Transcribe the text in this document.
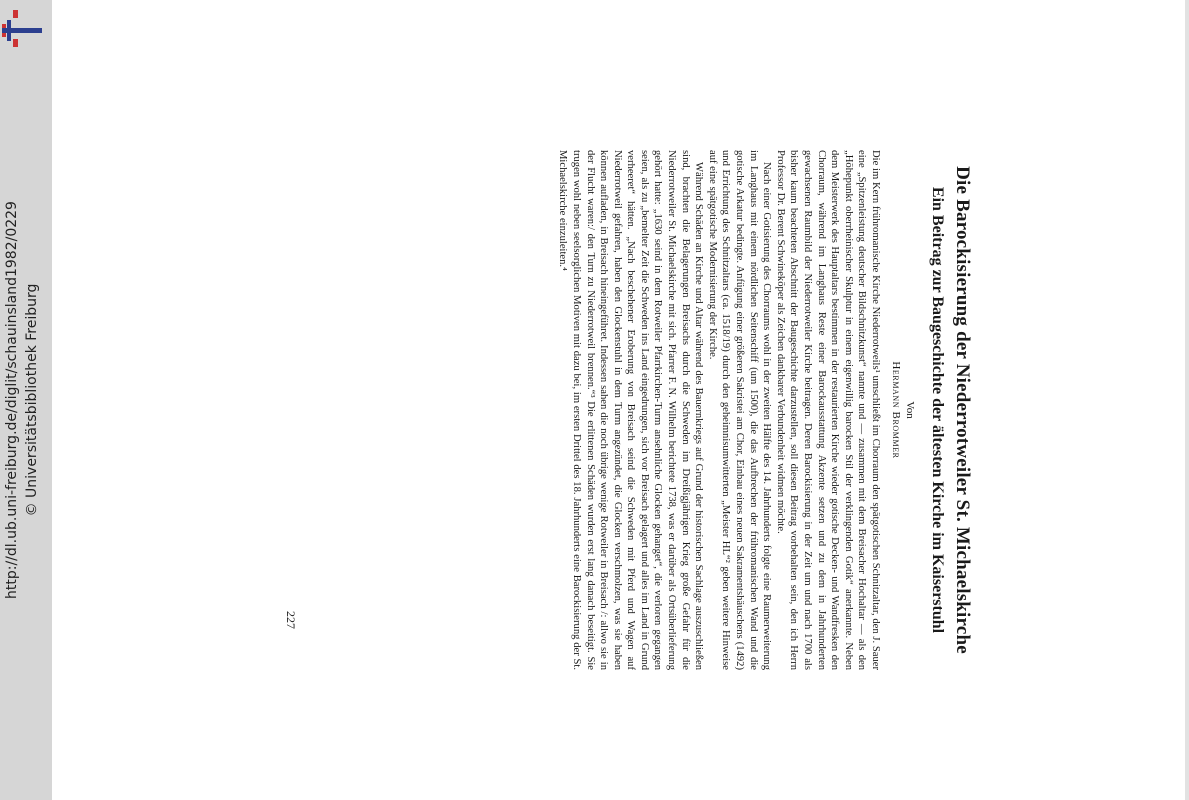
http://dl.ub.uni-freiburg.de/diglit/schauinsland1982/0229 © Universitätsbibliothek Freiburg	Die Barockisierung der Niederrotweiler St. Michaelskirche
Ein Beitrag zur Baugeschichte der ältesten Kirche im Kaiserstuhl
Von
Hermann Brommer

Die im Kern frühromanische Kirche Niederrotweils¹ umschließt im Chorraum den spätgotischen Schnitzaltar, den J. Sauer eine „Spitzenleistung deutscher Bildschnitzkunst“ nannte und — zusammen mit dem Breisacher Hochaltar — als den „Höhepunkt oberrheinischer Skulptur in einem eigenwillig barocken Stil der verklingenden Gotik“ anerkannte. Neben dem Meisterwerk des Hauptaltars bestimmen in der restaurierten Kirche wieder gotische Decken- und Wandfresken den Chorraum, während im Langhaus Reste einer Barockausstattung Akzente setzen und zu dem in Jahrhunderten gewachsenen Raumbild der Niederrotweiler Kirche beitragen. Deren Barockisierung in der Zeit um und nach 1700 als bisher kaum beachteten Abschnitt der Baugeschichte darzustellen, soll diesen Beitrag vorbehalten sein, den ich Herrn Professor Dr. Berent Schwineköper als Zeichen dankbarer Verbundenheit widmen möchte.

Nach einer Gotisierung des Chorraums wohl in der zweiten Hälfte des 14. Jahrhunderts folgte eine Raumerweiterung im Langhaus mit einem nördlichen Seitenschiff (um 1500), die das Aufbrechen der frühromanischen Wand und die gotische Arkatur bedingte. Anfügung einer größeren Sakristei am Chor, Einbau eines neuen Sakramentshäuschens (1492) und Errichtung des Schnitzaltars (ca. 1518/19) durch den geheimnisumwitterten „Meister HL“² geben weitere Hinweise auf eine spätgotische Modernisierung der Kirche.

Während Schäden an Kirche und Altar während des Bauernkriegs auf Grund der historischen Sachlage auszuschließen sind, brachten die Belagerungen Breisachs durch die Schweden im Dreißigjährigen Krieg große Gefahr für die Niederrotweiler St. Michaelskirche mit sich. Pfarrer F. N. Wilhelm berichtete 1738, was er darüber als Ortsüberlieferung gehört hatte: „1630 seind in dem Rotweiler Pfarrkirchen-Turm ansehnliche Glocken gehanget“, die verloren gegangen seien, als zu „bemelter Zeit die Schweden ins Land eingedrungen, sich vor Breisach gelagert und alles im Land in Grund verheeret“ hätten. „Nach beschehener Eroberung von Breisach seind die Schweden mit Pferd und Wagen auf Niederrotweil gefahren, haben den Glockenstuhl in dem Turm angezündet, die Glocken verschmolzen, was sie haben können aufladen, in Breisach hineingeführet. Indessen sahen die noch übrige wenige Rotweiler in Breisach /: allwo sie in der Flucht waren:/ den Turn zu Niederrotweil brennen.“³ Die erlittenen Schäden wurden erst lang danach beseitigt. Sie trugen wohl neben seelsorglichen Motiven mit dazu bei, im ersten Drittel des 18. Jahrhunderts eine Barockisierung der St. Michaelskirche einzuleiten.⁴

227
